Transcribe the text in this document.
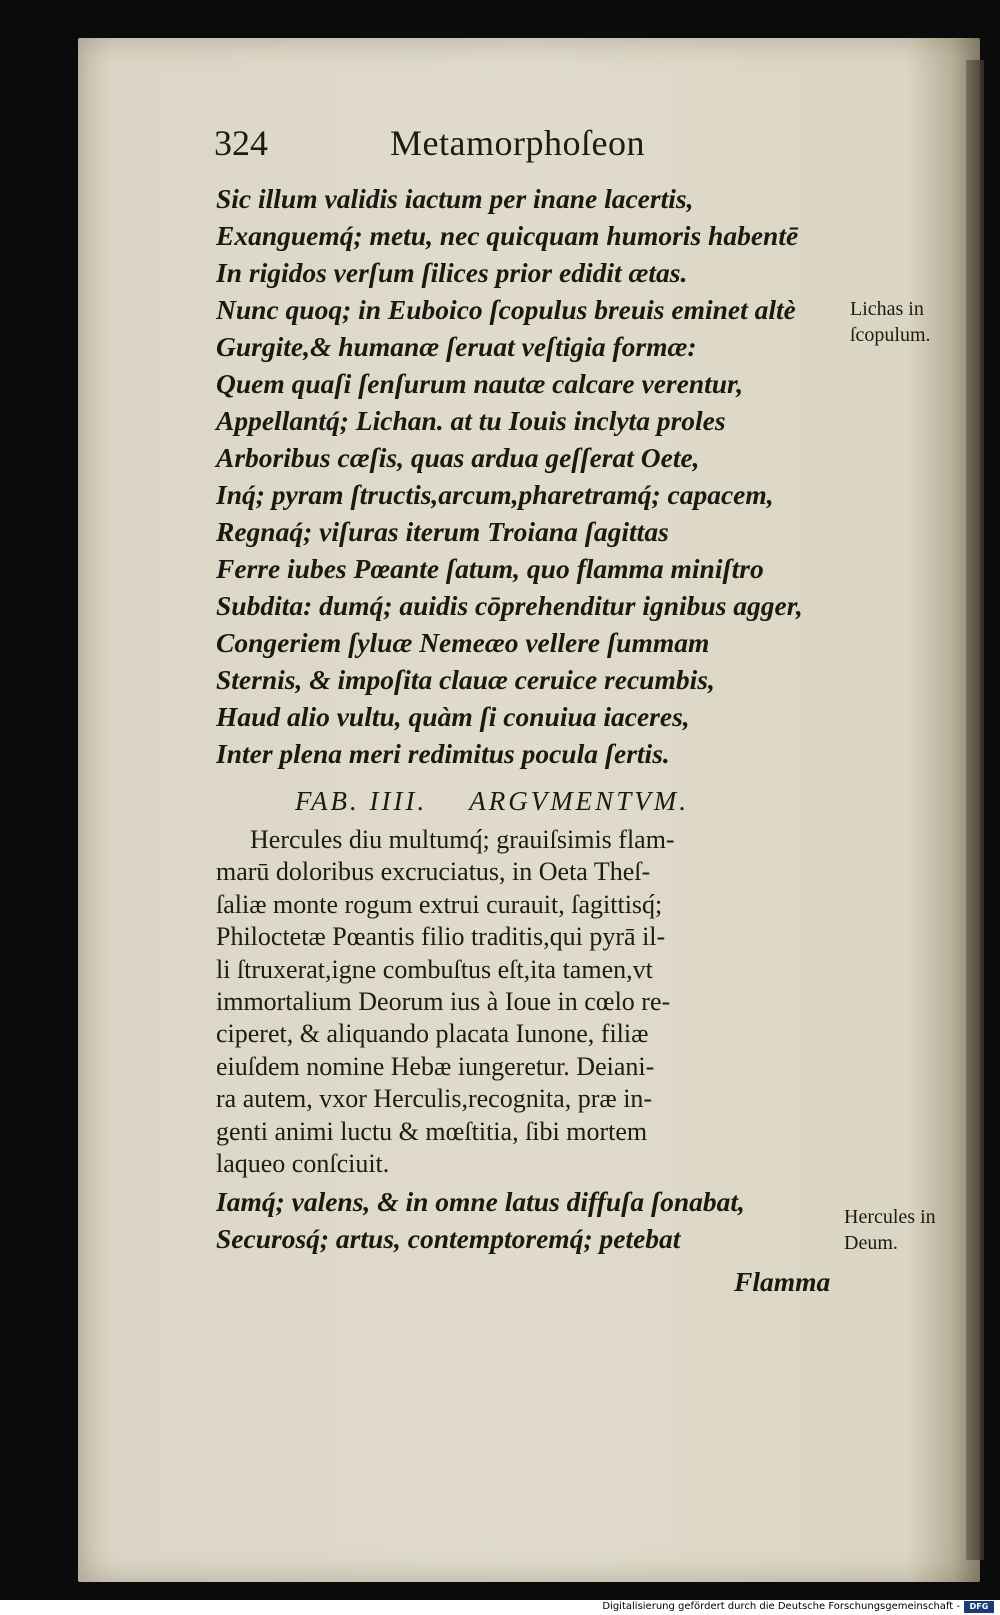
324	Metamorphoſeon
Sic illum validis iactum per inane lacertis,
Exanguemq́; metu, nec quicquam humoris habentē
In rigidos verſum ſilices prior edidit ætas.
Nunc quoq; in Euboico ſcopulus breuis eminet altè
Gurgite,& humanæ ſeruat veſtigia formæ:
Quem quaſi ſenſurum nautæ calcare verentur,
Appellantq́; Lichan. at tu Iouis inclyta proles
Arboribus cæſis, quas ardua geſſerat Oete,
Inq́; pyram ſtructis,arcum,pharetramq́; capacem,
Regnaq́; viſuras iterum Troiana ſagittas
Ferre iubes Pœante ſatum, quo flamma miniſtro
Subdita: dumq́; auidis cōprehenditur ignibus agger,
Congeriem ſyluæ Nemeæo vellere ſummam
Sternis, & impoſita clauæ ceruice recumbis,
Haud alio vultu, quàm ſi conuiua iaceres,
Inter plena meri redimitus pocula ſertis.
Lichas in
ſcopulum.
FAB. IIII. ARGVMENTVM.
Hercules diu multumq́; grauiſsimis flam-
marū doloribus excruciatus, in Oeta Theſ-
ſaliæ monte rogum extrui curauit, ſagittisq́;
Philoctetæ Pœantis filio traditis,qui pyrā il-
li ſtruxerat,igne combuſtus eſt,ita tamen,vt
immortalium Deorum ius à Ioue in cœlo re-
ciperet, & aliquando placata Iunone, filiæ
eiuſdem nomine Hebæ iungeretur. Deiani-
ra autem, vxor Herculis,recognita, præ in-
genti animi luctu & mœſtitia, ſibi mortem
laqueo conſciuit.
Iamq́; valens, & in omne latus diffuſa ſonabat,
Securosq́; artus, contemptoremq́; petebat
Hercules in
Deum.
Flamma
Digitalisierung gefördert durch die Deutsche Forschungsgemeinschaft -	DFG
